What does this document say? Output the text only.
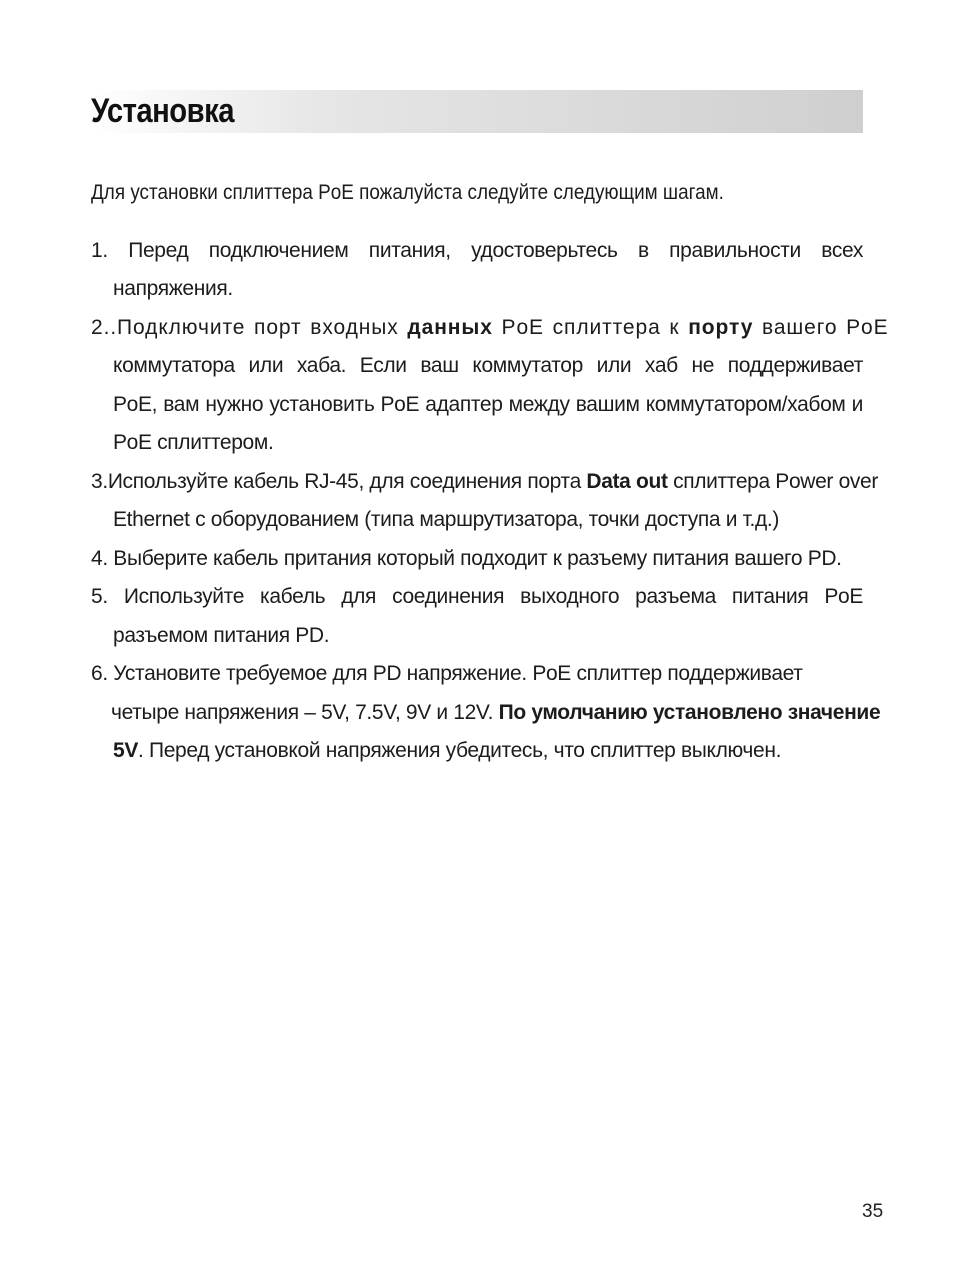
Установка

Для установки сплиттера PoE пожалуйста следуйте следующим шагам.

1. Перед подключением питания, удостоверьтесь в правильности всех
напряжения.
2..Подключите порт входных данных PoE сплиттера к порту вашего PoE
коммутатора или хаба. Если ваш коммутатор или хаб не поддерживает
PoE, вам нужно установить PoE адаптер между вашим коммутатором/хабом и
PoE сплиттером.
3.Используйте кабель RJ-45, для соединения порта Data out сплиттера Power over
Ethernet с оборудованием (типа маршрутизатора, точки доступа и т.д.)
4. Выберите кабель притания который подходит к разъему питания вашего PD.
5. Используйте кабель для соединения выходного разъема питания PoE
разъемом питания PD.
6. Установите требуемое для PD напряжение. PoE сплиттер поддерживает
четыре напряжения – 5V, 7.5V, 9V и 12V. По умолчанию установлено значение
5V. Перед установкой напряжения убедитесь, что сплиттер выключен.
35
